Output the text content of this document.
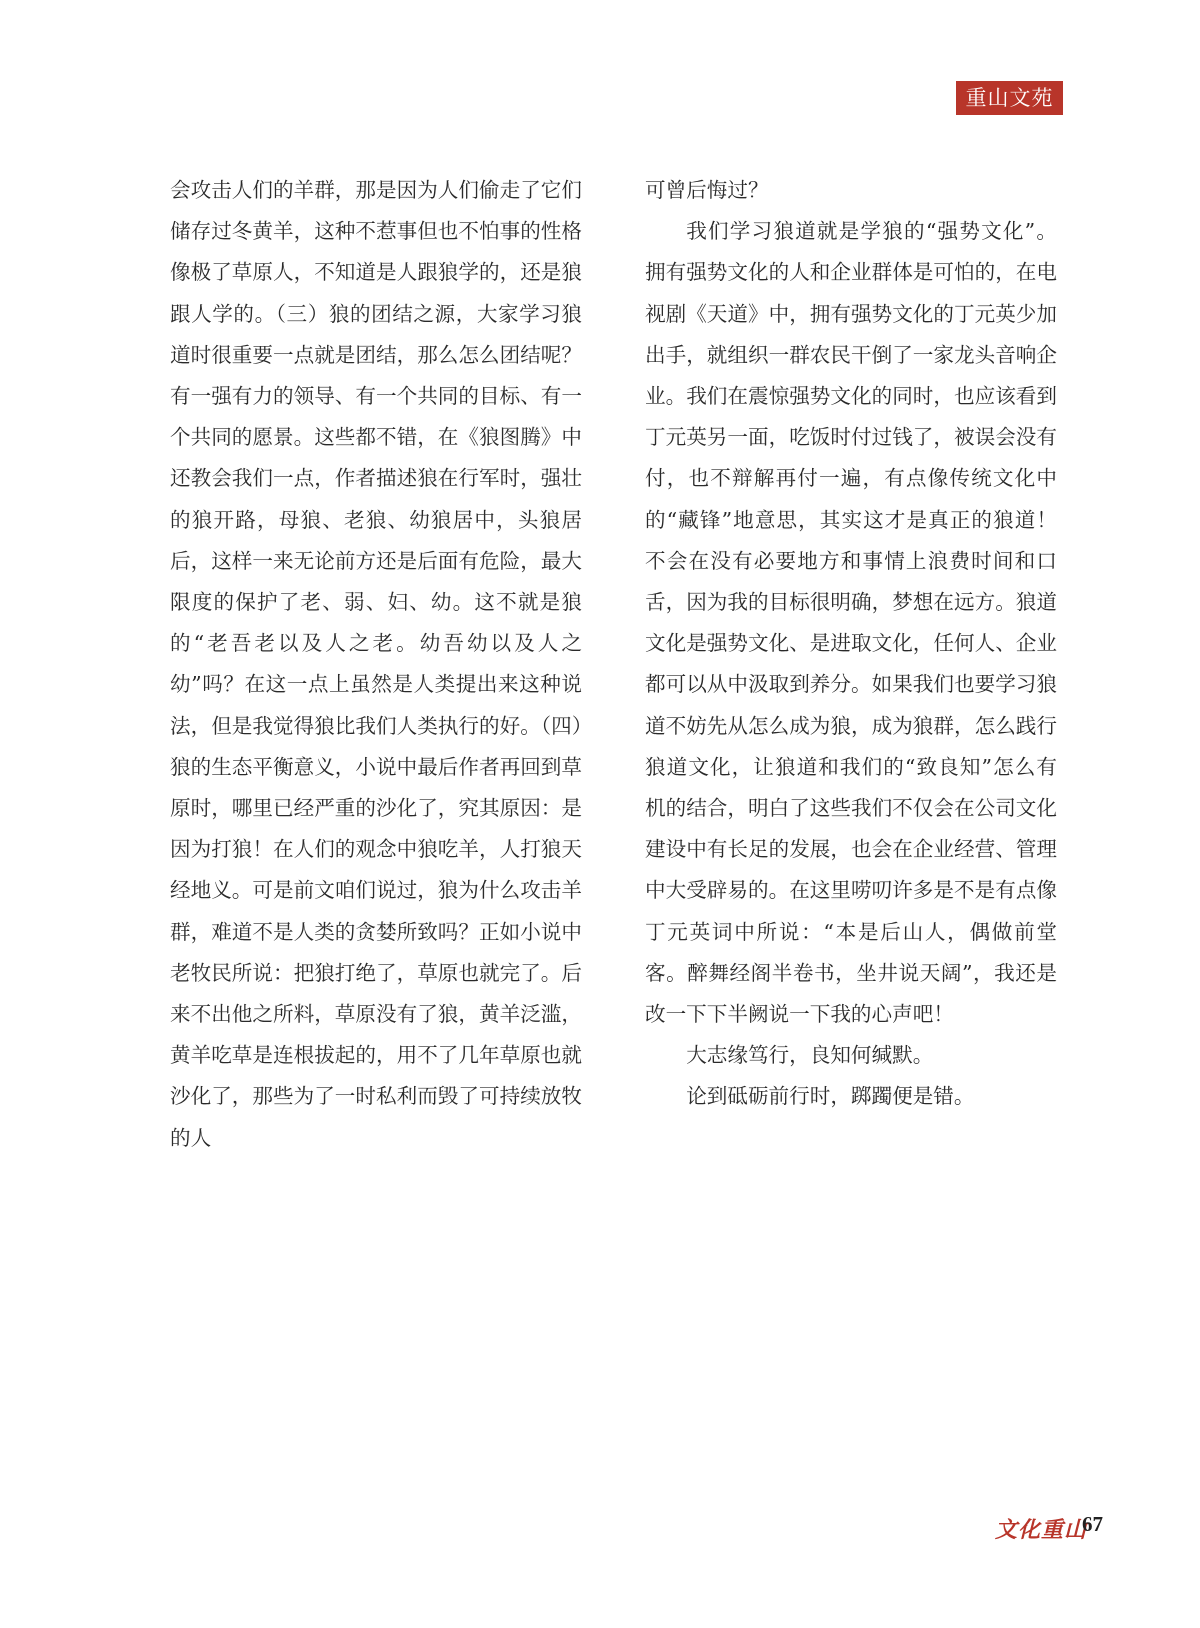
重山文苑

会攻击人们的羊群，那是因为人们偷走了它们储存过冬黄羊，这种不惹事但也不怕事的性格像极了草原人，不知道是人跟狼学的，还是狼跟人学的。（三）狼的团结之源，大家学习狼道时很重要一点就是团结，那么怎么团结呢？有一强有力的领导、有一个共同的目标、有一个共同的愿景。这些都不错，在《狼图腾》中还教会我们一点，作者描述狼在行军时，强壮的狼开路，母狼、老狼、幼狼居中，头狼居后，这样一来无论前方还是后面有危险，最大限度的保护了老、弱、妇、幼。这不就是狼的“老吾老以及人之老。幼吾幼以及人之幼”吗？在这一点上虽然是人类提出来这种说法，但是我觉得狼比我们人类执行的好。（四）狼的生态平衡意义，小说中最后作者再回到草原时，哪里已经严重的沙化了，究其原因：是因为打狼！在人们的观念中狼吃羊，人打狼天经地义。可是前文咱们说过，狼为什么攻击羊群，难道不是人类的贪婪所致吗？正如小说中老牧民所说：把狼打绝了，草原也就完了。后来不出他之所料，草原没有了狼，黄羊泛滥，黄羊吃草是连根拔起的，用不了几年草原也就沙化了，那些为了一时私利而毁了可持续放牧的人

可曾后悔过？

我们学习狼道就是学狼的“强势文化”。拥有强势文化的人和企业群体是可怕的，在电视剧《天道》中，拥有强势文化的丁元英少加出手，就组织一群农民干倒了一家龙头音响企业。我们在震惊强势文化的同时，也应该看到丁元英另一面，吃饭时付过钱了，被误会没有付，也不辩解再付一遍，有点像传统文化中的“藏锋”地意思，其实这才是真正的狼道！不会在没有必要地方和事情上浪费时间和口舌，因为我的目标很明确，梦想在远方。狼道文化是强势文化、是进取文化，任何人、企业都可以从中汲取到养分。如果我们也要学习狼道不妨先从怎么成为狼，成为狼群，怎么践行狼道文化，让狼道和我们的“致良知”怎么有机的结合，明白了这些我们不仅会在公司文化建设中有长足的发展，也会在企业经营、管理中大受辟易的。在这里唠叨许多是不是有点像丁元英词中所说：“本是后山人，偶做前堂客。醉舞经阁半卷书，坐井说天阔”，我还是改一下下半阙说一下我的心声吧！

大志缘笃行，良知何缄默。

论到砥砺前行时，踯躅便是错。

文化重山
67
